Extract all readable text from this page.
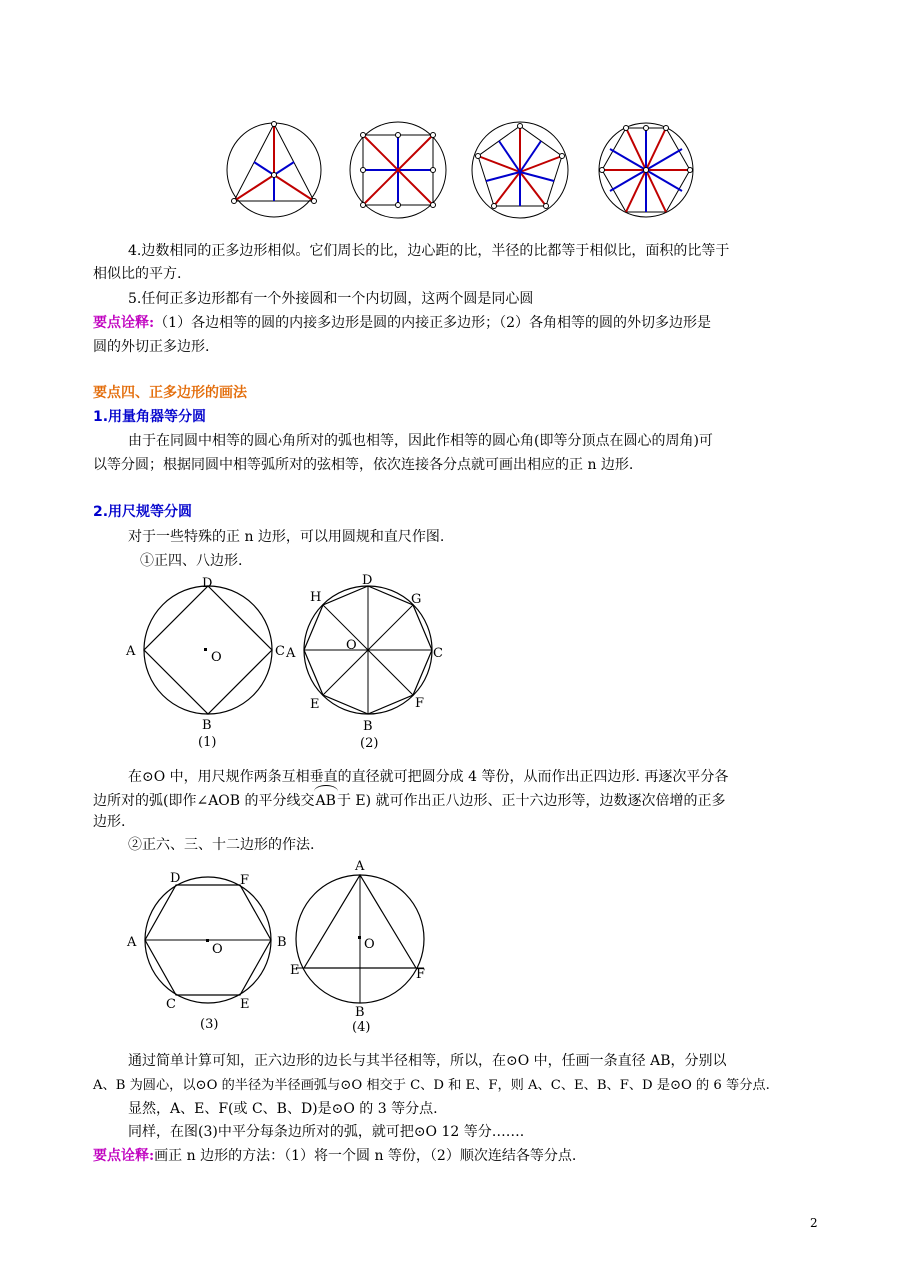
4.边数相同的正多边形相似。它们周长的比，边心距的比，半径的比都等于相似比，面积的比等于
相似比的平方.
5.任何正多边形都有一个外接圆和一个内切圆，这两个圆是同心圆
要点诠释:（1）各边相等的圆的内接多边形是圆的内接正多边形；（2）各角相等的圆的外切多边形是
圆的外切正多边形.
要点四、正多边形的画法
1.用量角器等分圆
由于在同圆中相等的圆心角所对的弧也相等，因此作相等的圆心角(即等分顶点在圆心的周角)可
以等分圆；根据同圆中相等弧所对的弦相等，依次连接各分点就可画出相应的正 n 边形.
2.用尺规等分圆
对于一些特殊的正 n 边形，可以用圆规和直尺作图.
①正四、八边形.
D
A	C
B
O
(1)
D
H	G
A	C
O
E	F
B
(2)
在⊙O 中，用尺规作两条互相垂直的直径就可把圆分成 4 等份，从而作出正四边形. 再逐次平分各
边所对的弧(即作∠AOB 的平分线交
AB于 E) 就可作出正八边形、正十六边形等，边数逐次倍增的正多
边形.
②正六、三、十二边形的作法.
D	F
A	B
O
C	E
(3)
A
O
E	F
B
(4)
通过简单计算可知，正六边形的边长与其半径相等，所以，在⊙O 中，任画一条直径 AB，分别以
A、B 为圆心，以⊙O 的半径为半径画弧与⊙O 相交于 C、D 和 E、F，则 A、C、E、B、F、D 是⊙O 的 6 等分点.
显然，A、E、F(或 C、B、D)是⊙O 的 3 等分点.
同样，在图(3)中平分每条边所对的弧，就可把⊙O 12 等分…….
要点诠释:画正 n 边形的方法：（1）将一个圆 n 等份，（2）顺次连结各等分点.
2
